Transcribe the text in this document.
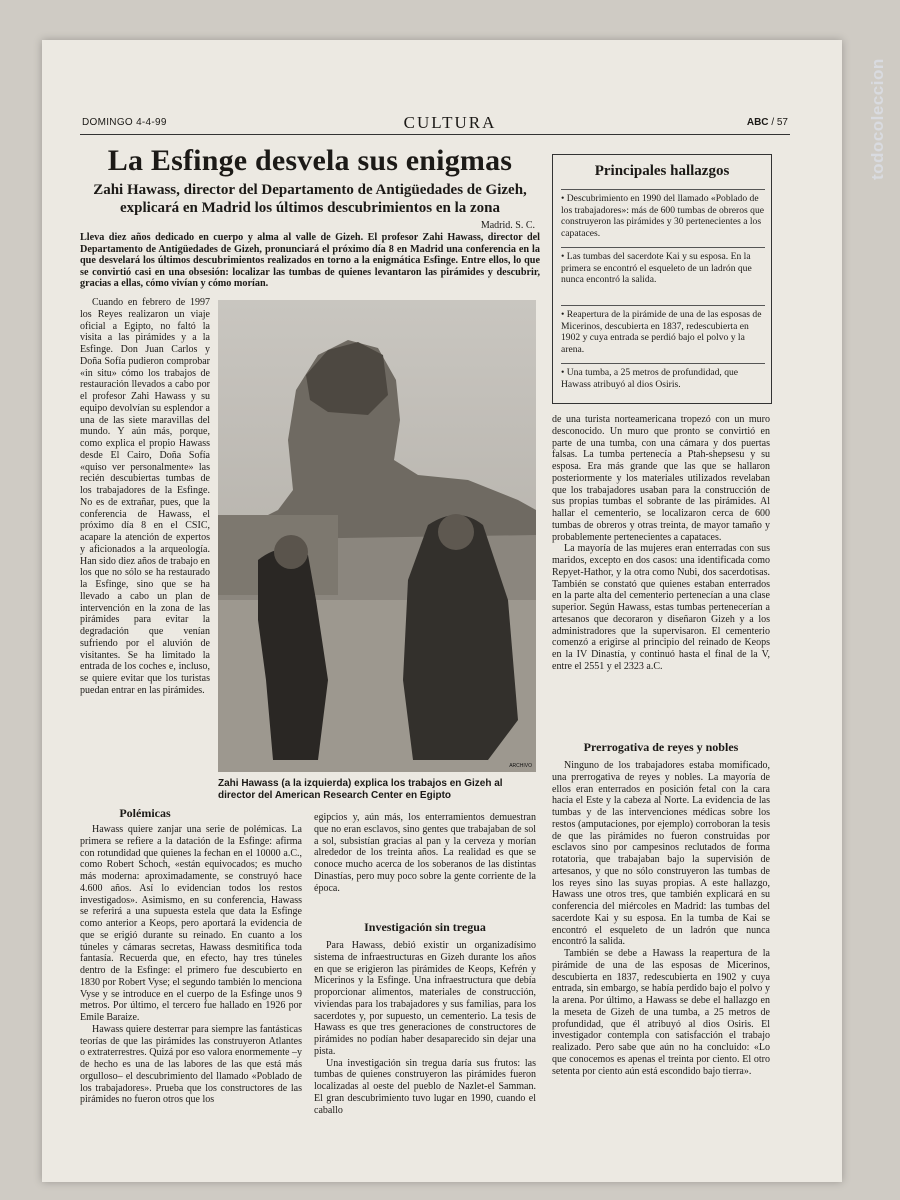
todocoleccion
DOMINGO 4-4-99	CULTURA	ABC / 57
La Esfinge desvela sus enigmas
Zahi Hawass, director del Departamento de Antigüedades de Gizeh, explicará en Madrid los últimos descubrimientos en la zona
Madrid. S. C.
Lleva diez años dedicado en cuerpo y alma al valle de Gizeh. El profesor Zahi Hawass, director del Departamento de Antigüedades de Gizeh, pronunciará el próximo día 8 en Madrid una conferencia en la que desvelará los últimos descubrimientos realizados en torno a la enigmática Esfinge. Entre ellos, lo que se convirtió casi en una obsesión: localizar las tumbas de quienes levantaron las pirámides y descubrir, gracias a ellas, cómo vivían y cómo morían.

Cuando en febrero de 1997 los Reyes realizaron un viaje oficial a Egipto, no faltó la visita a las pirámides y a la Esfinge. Don Juan Carlos y Doña Sofía pudieron comprobar «in situ» cómo los trabajos de restauración llevados a cabo por el profesor Zahi Hawass y su equipo devolvían su esplendor a una de las siete maravillas del mundo. Y aún más, porque, como explica el propio Hawass desde El Cairo, Doña Sofía «quiso ver personalmente» las recién descubiertas tumbas de los trabajadores de la Esfinge. No es de extrañar, pues, que la conferencia de Hawass, el próximo día 8 en el CSIC, acapare la atención de expertos y aficionados a la arqueología. Han sido diez años de trabajo en los que no sólo se ha restaurado la Esfinge, sino que se ha llevado a cabo un plan de intervención en la zona de las pirámides para evitar la degradación que venían sufriendo por el aluvión de visitantes. Se ha limitado la entrada de los coches e, incluso, se quiere evitar que los turistas puedan entrar en las pirámides.

ARCHIVO
Zahi Hawass (a la izquierda) explica los trabajos en Gizeh al director del American Research Center en Egipto
Polémicas

Hawass quiere zanjar una serie de polémicas. La primera se refiere a la datación de la Esfinge: afirma con rotundidad que quienes la fechan en el 10000 a.C., como Robert Schoch, «están equivocados; es mucho más moderna: aproximadamente, se construyó hace 4.600 años. Así lo evidencian todos los restos investigados». Asimismo, en su conferencia, Hawass se referirá a una supuesta estela que data la Esfinge como anterior a Keops, pero aportará la evidencia de que se erigió durante su reinado. En cuanto a los túneles y cámaras secretas, Hawass desmitifica toda fantasía. Recuerda que, en efecto, hay tres túneles dentro de la Esfinge: el primero fue descubierto en 1830 por Robert Vyse; el segundo también lo menciona Vyse y se introduce en el cuerpo de la Esfinge unos 9 metros. Por último, el tercero fue hallado en 1926 por Emile Baraize.

Hawass quiere desterrar para siempre las fantásticas teorías de que las pirámides las construyeron Atlantes o extraterrestres. Quizá por eso valora enormemente –y de hecho es una de las labores de las que está más orgulloso– el descubrimiento del llamado «Poblado de los trabajadores». Prueba que los constructores de las pirámides no fueron otros que los

egipcios y, aún más, los enterramientos demuestran que no eran esclavos, sino gentes que trabajaban de sol a sol, subsistían gracias al pan y la cerveza y morían alrededor de los treinta años. La realidad es que se conoce mucho acerca de los soberanos de las distintas Dinastías, pero muy poco sobre la gente corriente de la época.

Investigación sin tregua

Para Hawass, debió existir un organizadísimo sistema de infraestructuras en Gizeh durante los años en que se erigieron las pirámides de Keops, Kefrén y Micerinos y la Esfinge. Una infraestructura que debía proporcionar alimentos, materiales de construcción, viviendas para los trabajadores y sus familias, para los sacerdotes y, por supuesto, un cementerio. La tesis de Hawass es que tres generaciones de constructores de pirámides no podían haber desaparecido sin dejar una pista.

Una investigación sin tregua daría sus frutos: las tumbas de quienes construyeron las pirámides fueron localizadas al oeste del pueblo de Nazlet-el Samman. El gran descubrimiento tuvo lugar en 1990, cuando el caballo

Principales hallazgos
• Descubrimiento en 1990 del llamado «Poblado de los trabajadores»: más de 600 tumbas de obreros que construyeron las pirámides y 30 pertenecientes a los capataces.
• Las tumbas del sacerdote Kai y su esposa. En la primera se encontró el esqueleto de un ladrón que nunca encontró la salida.
• Reapertura de la pirámide de una de las esposas de Micerinos, descubierta en 1837, redescubierta en 1902 y cuya entrada se perdió bajo el polvo y la arena.
• Una tumba, a 25 metros de profundidad, que Hawass atribuyó al dios Osiris.

de una turista norteamericana tropezó con un muro desconocido. Un muro que pronto se convirtió en parte de una tumba, con una cámara y dos puertas falsas. La tumba pertenecía a Ptah-shepsesu y su esposa. Era más grande que las que se hallaron posteriormente y los materiales utilizados revelaban que los trabajadores usaban para la construcción de sus propias tumbas el sobrante de las pirámides. Al hallar el cementerio, se localizaron cerca de 600 tumbas de obreros y otras treinta, de mayor tamaño y probablemente pertenecientes a capataces.

La mayoría de las mujeres eran enterradas con sus maridos, excepto en dos casos: una identificada como Repyet-Hathor, y la otra como Nubi, dos sacerdotisas. También se constató que quienes estaban enterrados en la parte alta del cementerio pertenecían a una clase superior. Según Hawass, estas tumbas pertenecerían a artesanos que decoraron y diseñaron Gizeh y a los administradores que la supervisaron. El cementerio comenzó a erigirse al principio del reinado de Keops en la IV Dinastía, y continuó hasta el final de la V, entre el 2551 y el 2323 a.C.

Prerrogativa de reyes y nobles

Ninguno de los trabajadores estaba momificado, una prerrogativa de reyes y nobles. La mayoría de ellos eran enterrados en posición fetal con la cara hacia el Este y la cabeza al Norte. La evidencia de las tumbas y de las intervenciones médicas sobre los restos (amputaciones, por ejemplo) corroboran la tesis de que las pirámides no fueron construidas por esclavos sino por campesinos reclutados de forma rotatoria, que trabajaban bajo la supervisión de artesanos, y que no sólo construyeron las tumbas de los reyes sino las suyas propias. A este hallazgo, Hawass une otros tres, que también explicará en su conferencia del miércoles en Madrid: las tumbas del sacerdote Kai y su esposa. En la tumba de Kai se encontró el esqueleto de un ladrón que nunca encontró la salida.

También se debe a Hawass la reapertura de la pirámide de una de las esposas de Micerinos, descubierta en 1837, redescubierta en 1902 y cuya entrada, sin embargo, se había perdido bajo el polvo y la arena. Por último, a Hawass se debe el hallazgo en la meseta de Gizeh de una tumba, a 25 metros de profundidad, que él atribuyó al dios Osiris. El investigador contempla con satisfacción el trabajo realizado. Pero sabe que aún no ha concluido: «Lo que conocemos es apenas el treinta por ciento. El otro setenta por ciento aún está escondido bajo tierra».
